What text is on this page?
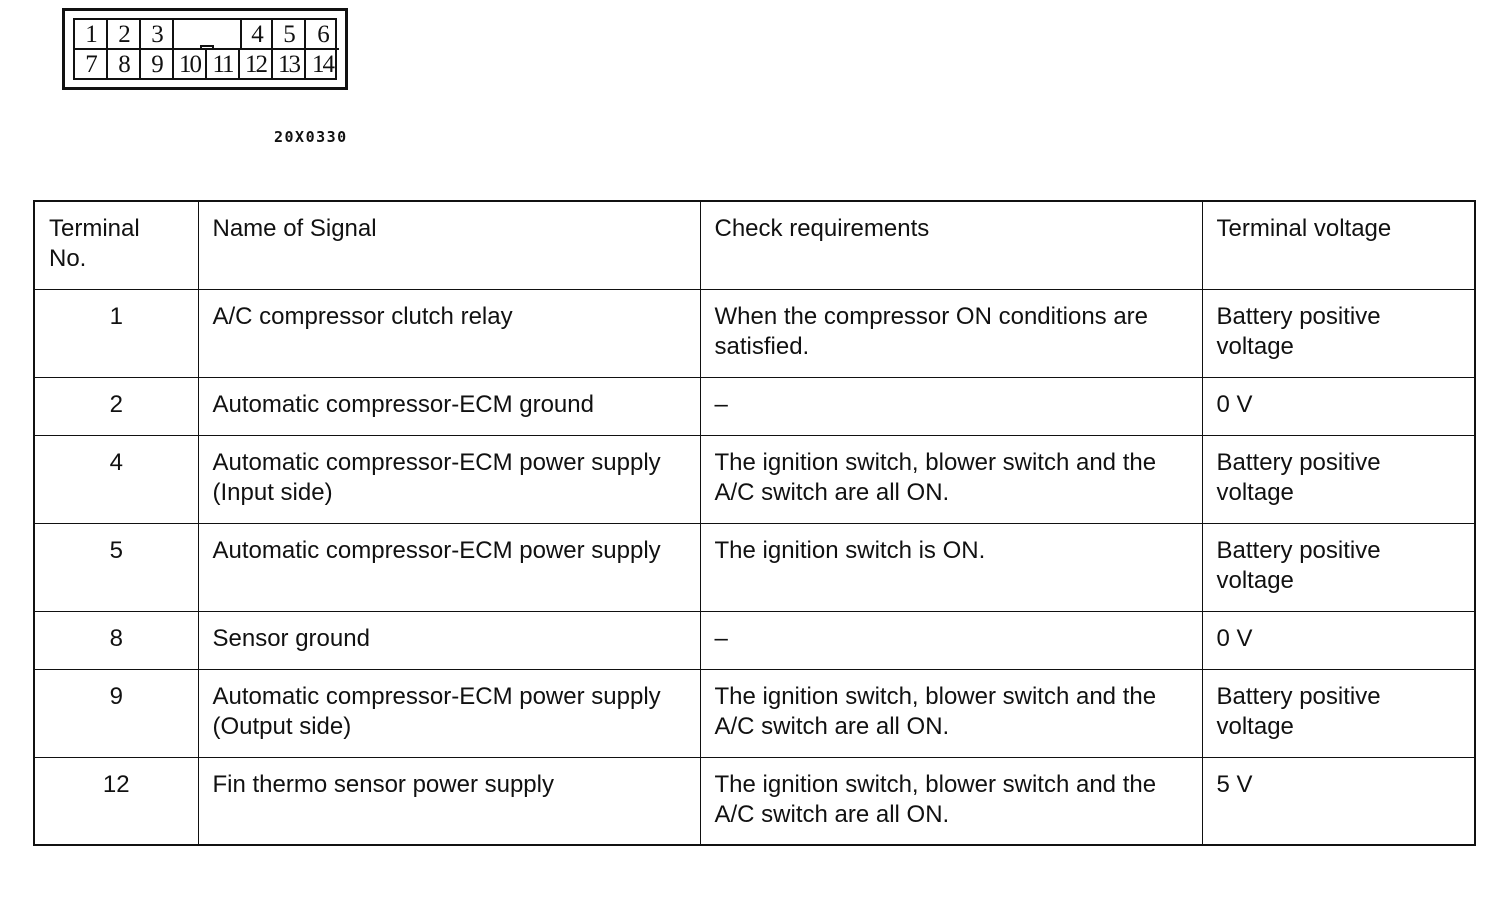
1 2 3	4 5 6
7 8 9 10 11 12 13 14
20X0330
Terminal No.	Name of Signal	Check requirements	Terminal voltage
1	A/C compressor clutch relay	When the compressor ON conditions are satisfied.	Battery positive voltage
2	Automatic compressor-ECM ground	–	0 V
4	Automatic compressor-ECM power supply (Input side)	The ignition switch, blower switch and the A/C switch are all ON.	Battery positive voltage
5	Automatic compressor-ECM power supply	The ignition switch is ON.	Battery positive voltage
8	Sensor ground	–	0 V
9	Automatic compressor-ECM power supply (Output side)	The ignition switch, blower switch and the A/C switch are all ON.	Battery positive voltage
12	Fin thermo sensor power supply	The ignition switch, blower switch and the A/C switch are all ON.	5 V
